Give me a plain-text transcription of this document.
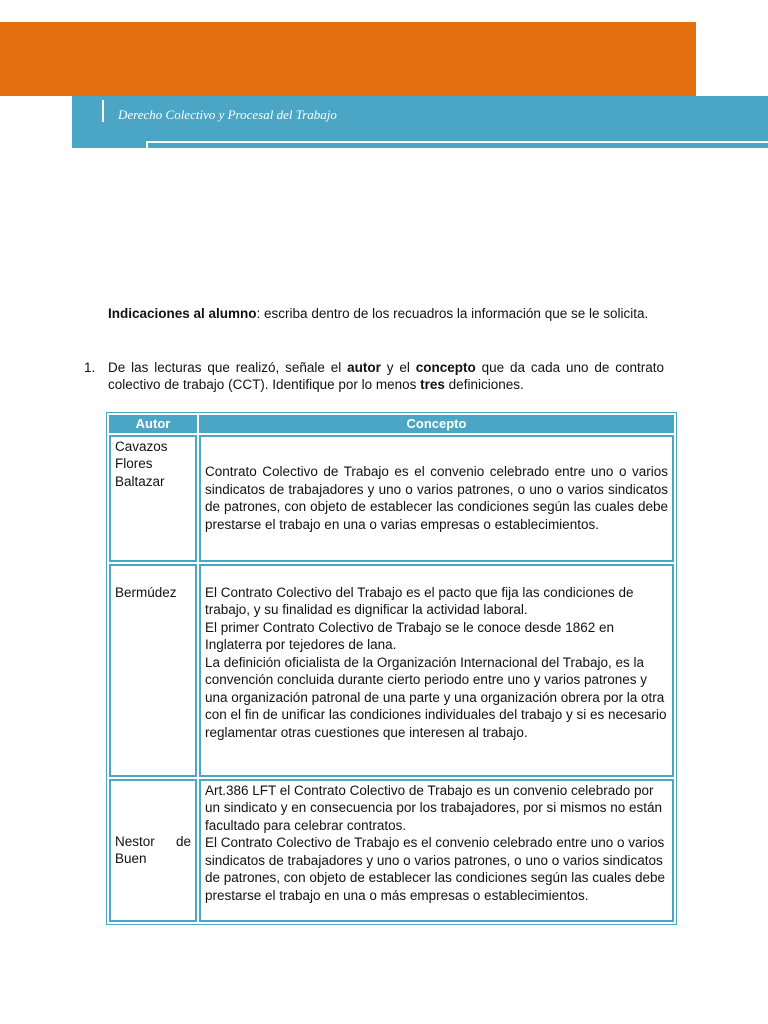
Derecho Colectivo y Procesal del Trabajo
Indicaciones al alumno: escriba dentro de los recuadros la información que se le solicita.
1. De las lecturas que realizó, señale el autor y el concepto que da cada uno de contrato colectivo de trabajo (CCT). Identifique por lo menos tres definiciones.
Autor	Concepto
Cavazos Flores Baltazar	Contrato Colectivo de Trabajo es el convenio celebrado entre uno o varios sindicatos de trabajadores y uno o varios patrones, o uno o varios sindicatos de patrones, con objeto de establecer las condiciones según las cuales debe prestarse el trabajo en una o varias empresas o establecimientos.

Bermúdez	El Contrato Colectivo del Trabajo es el pacto que fija las condiciones de trabajo, y su finalidad es dignificar la actividad laboral.
El primer Contrato Colectivo de Trabajo se le conoce desde 1862 en Inglaterra por tejedores de lana.
La definición oficialista de la Organización Internacional del Trabajo, es la convención concluida durante cierto periodo entre uno y varios patrones y una organización patronal de una parte y una organización obrera por la otra con el fin de unificar las condiciones individuales del trabajo y si es necesario reglamentar otras cuestiones que interesen al trabajo.

Nestor de Buen	Art.386 LFT el Contrato Colectivo de Trabajo es un convenio celebrado por un sindicato y en consecuencia por los trabajadores, por si mismos no están facultado para celebrar contratos.
El Contrato Colectivo de Trabajo es el convenio celebrado entre uno o varios sindicatos de trabajadores y uno o varios patrones, o uno o varios sindicatos de patrones, con objeto de establecer las condiciones según las cuales debe prestarse el trabajo en una o más empresas o establecimientos.
